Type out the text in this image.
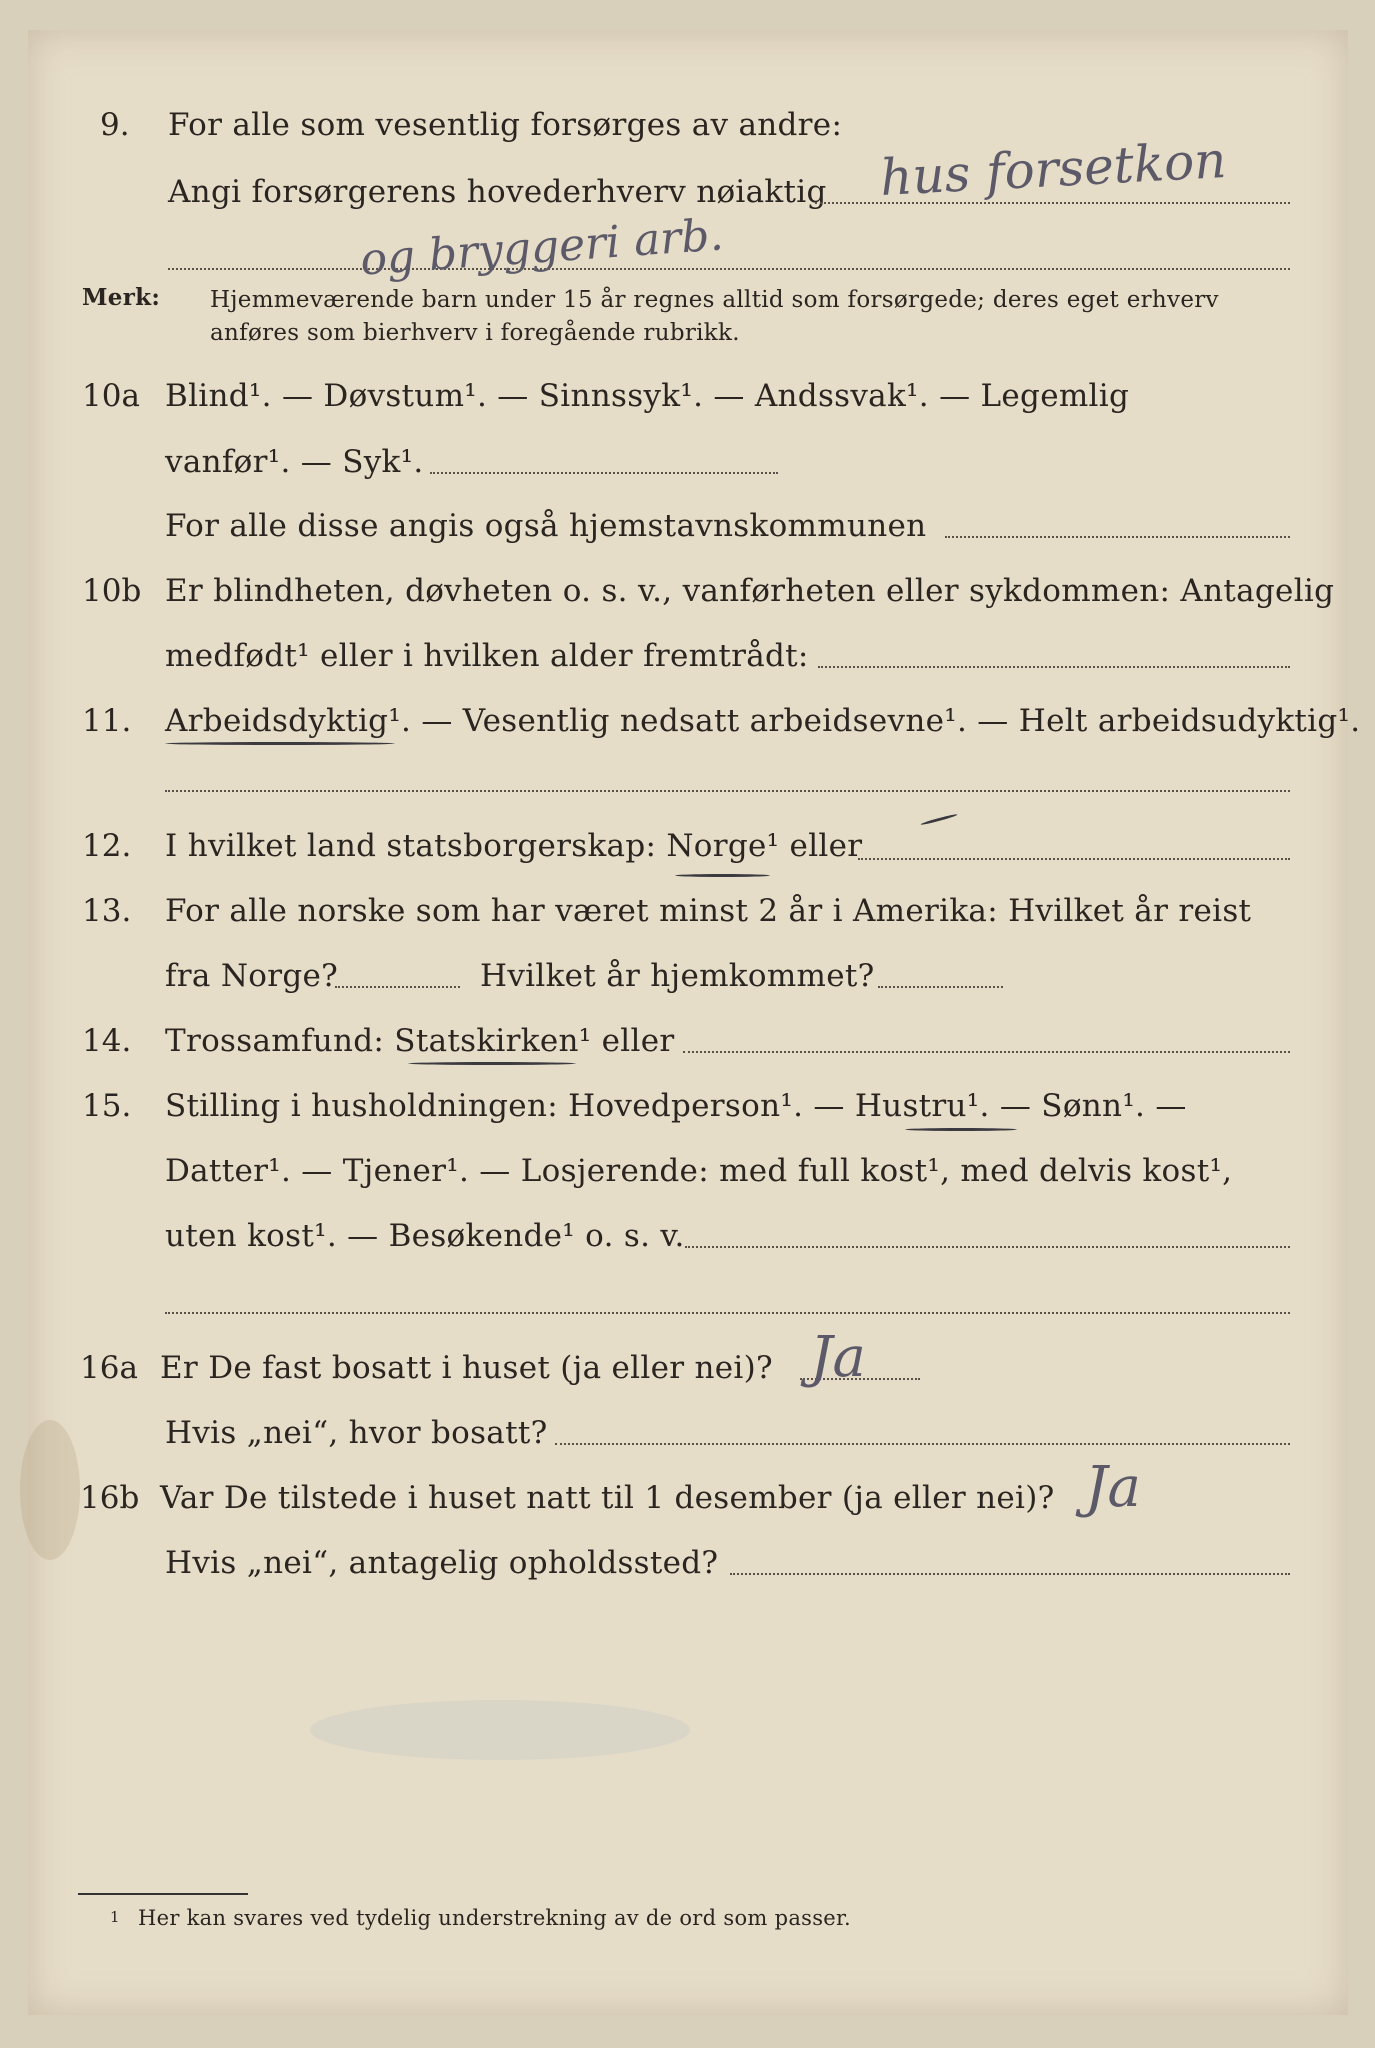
9. For alle som vesentlig forsørges av andre:
Angi forsørgerens hovederhverv nøiaktig hus forsetkon
og bryggeri arb.
Merk: Hjemmeværende barn under 15 år regnes alltid som forsørgede; deres eget erhverv
anføres som bierhverv i foregående rubrikk.
10a Blind¹. — Døvstum¹. — Sinnssyk¹. — Andssvak¹. — Legemlig
vanfør¹. — Syk¹.
For alle disse angis også hjemstavnskommunen
10b Er blindheten, døvheten o. s. v., vanførheten eller sykdommen: Antagelig
medfødt¹ eller i hvilken alder fremtrådt:
11. Arbeidsdyktig¹. — Vesentlig nedsatt arbeidsevne¹. — Helt arbeidsudyktig¹.
12. I hvilket land statsborgerskap: Norge¹ eller
13. For alle norske som har været minst 2 år i Amerika: Hvilket år reist
fra Norge?	Hvilket år hjemkommet?
14. Trossamfund: Statskirken¹ eller
15. Stilling i husholdningen: Hovedperson¹. — Hustru¹. — Sønn¹. —
Datter¹. — Tjener¹. — Losjerende: med full kost¹, med delvis kost¹,
uten kost¹. — Besøkende¹ o. s. v.
16a Er De fast bosatt i huset (ja eller nei)? Ja
Hvis „nei“, hvor bosatt?
16b Var De tilstede i huset natt til 1 desember (ja eller nei)? Ja
Hvis „nei“, antagelig opholdssted?
1 Her kan svares ved tydelig understrekning av de ord som passer.
